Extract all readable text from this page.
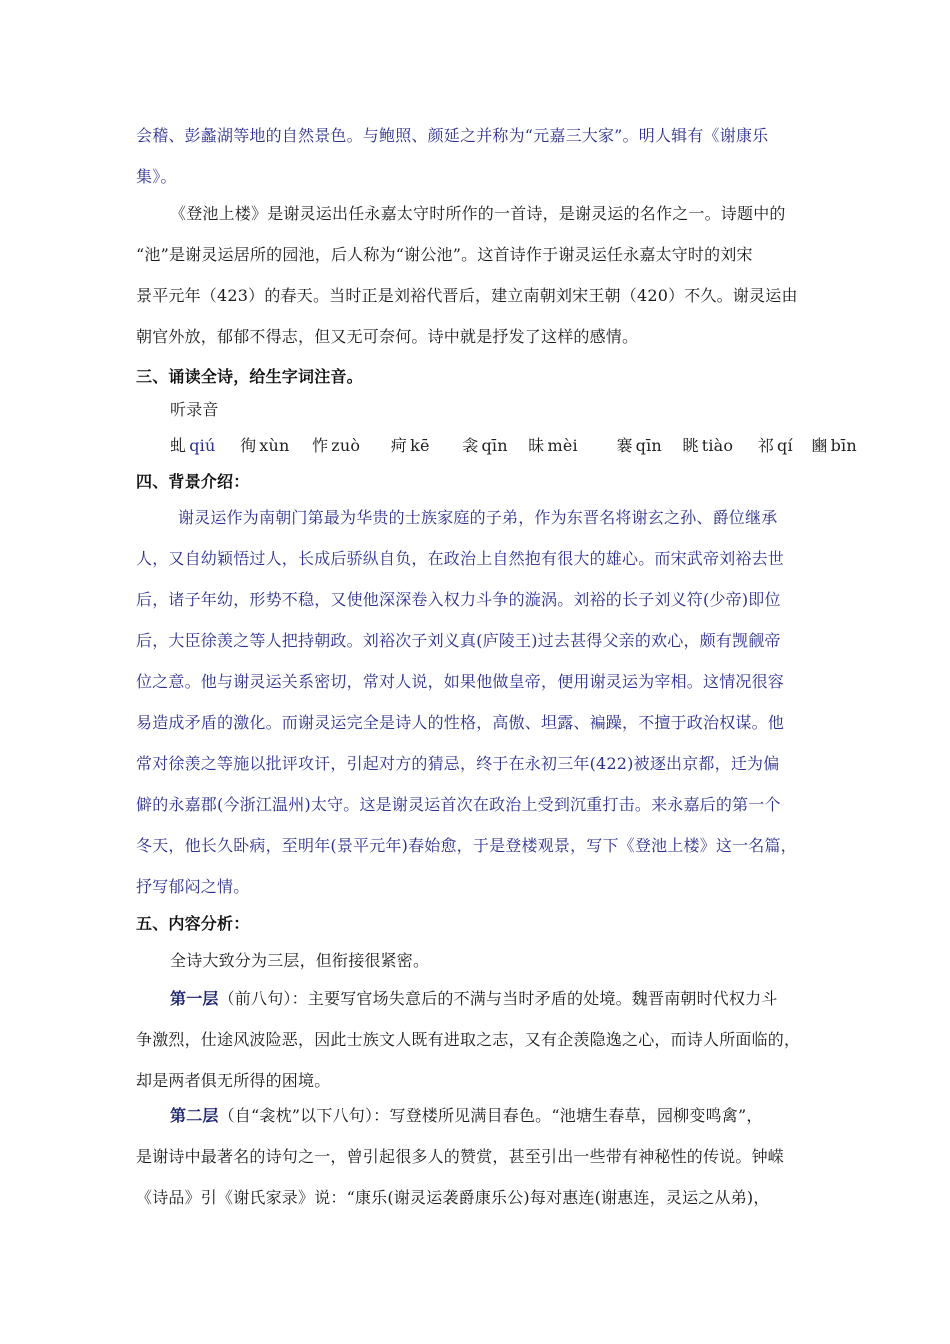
会稽、彭蠡湖等地的自然景色。与鲍照、颜延之并称为“元嘉三大家”。明人辑有《谢康乐
集》。
《登池上楼》是谢灵运出任永嘉太守时所作的一首诗，是谢灵运的名作之一。诗题中的
“池”是谢灵运居所的园池，后人称为“谢公池”。这首诗作于谢灵运任永嘉太守时的刘宋
景平元年（423）的春天。当时正是刘裕代晋后，建立南朝刘宋王朝（420）不久。谢灵运由
朝官外放，郁郁不得志，但又无可奈何。诗中就是抒发了这样的感情。
三、诵读全诗，给生字词注音。
听录音
虬 qiú 徇 xùn 怍 zuò 疴 kē 衾 qīn 昧 mèi 褰 qīn 眺 tiào 祁 qí 豳 bīn
四、背景介绍：
谢灵运作为南朝门第最为华贵的士族家庭的子弟，作为东晋名将谢玄之孙、爵位继承
人，又自幼颖悟过人，长成后骄纵自负，在政治上自然抱有很大的雄心。而宋武帝刘裕去世
后，诸子年幼，形势不稳，又使他深深卷入权力斗争的漩涡。刘裕的长子刘义符(少帝)即位
后，大臣徐羡之等人把持朝政。刘裕次子刘义真(庐陵王)过去甚得父亲的欢心，颇有觊觎帝
位之意。他与谢灵运关系密切，常对人说，如果他做皇帝，便用谢灵运为宰相。这情况很容
易造成矛盾的激化。而谢灵运完全是诗人的性格，高傲、坦露、褊躁，不擅于政治权谋。他
常对徐羡之等施以批评攻讦，引起对方的猜忌，终于在永初三年(422)被逐出京都，迁为偏
僻的永嘉郡(今浙江温州)太守。这是谢灵运首次在政治上受到沉重打击。来永嘉后的第一个
冬天，他长久卧病，至明年(景平元年)春始愈，于是登楼观景，写下《登池上楼》这一名篇，
抒写郁闷之情。
五、内容分析：
全诗大致分为三层，但衔接很紧密。
第一层（前八句）：主要写官场失意后的不满与当时矛盾的处境。魏晋南朝时代权力斗
争激烈，仕途风波险恶，因此士族文人既有进取之志，又有企羡隐逸之心，而诗人所面临的，
却是两者俱无所得的困境。
第二层（自“衾枕”以下八句）：写登楼所见满目春色。“池塘生春草，园柳变鸣禽”，
是谢诗中最著名的诗句之一，曾引起很多人的赞赏，甚至引出一些带有神秘性的传说。钟嵘
《诗品》引《谢氏家录》说：“康乐(谢灵运袭爵康乐公)每对惠连(谢惠连，灵运之从弟)，
